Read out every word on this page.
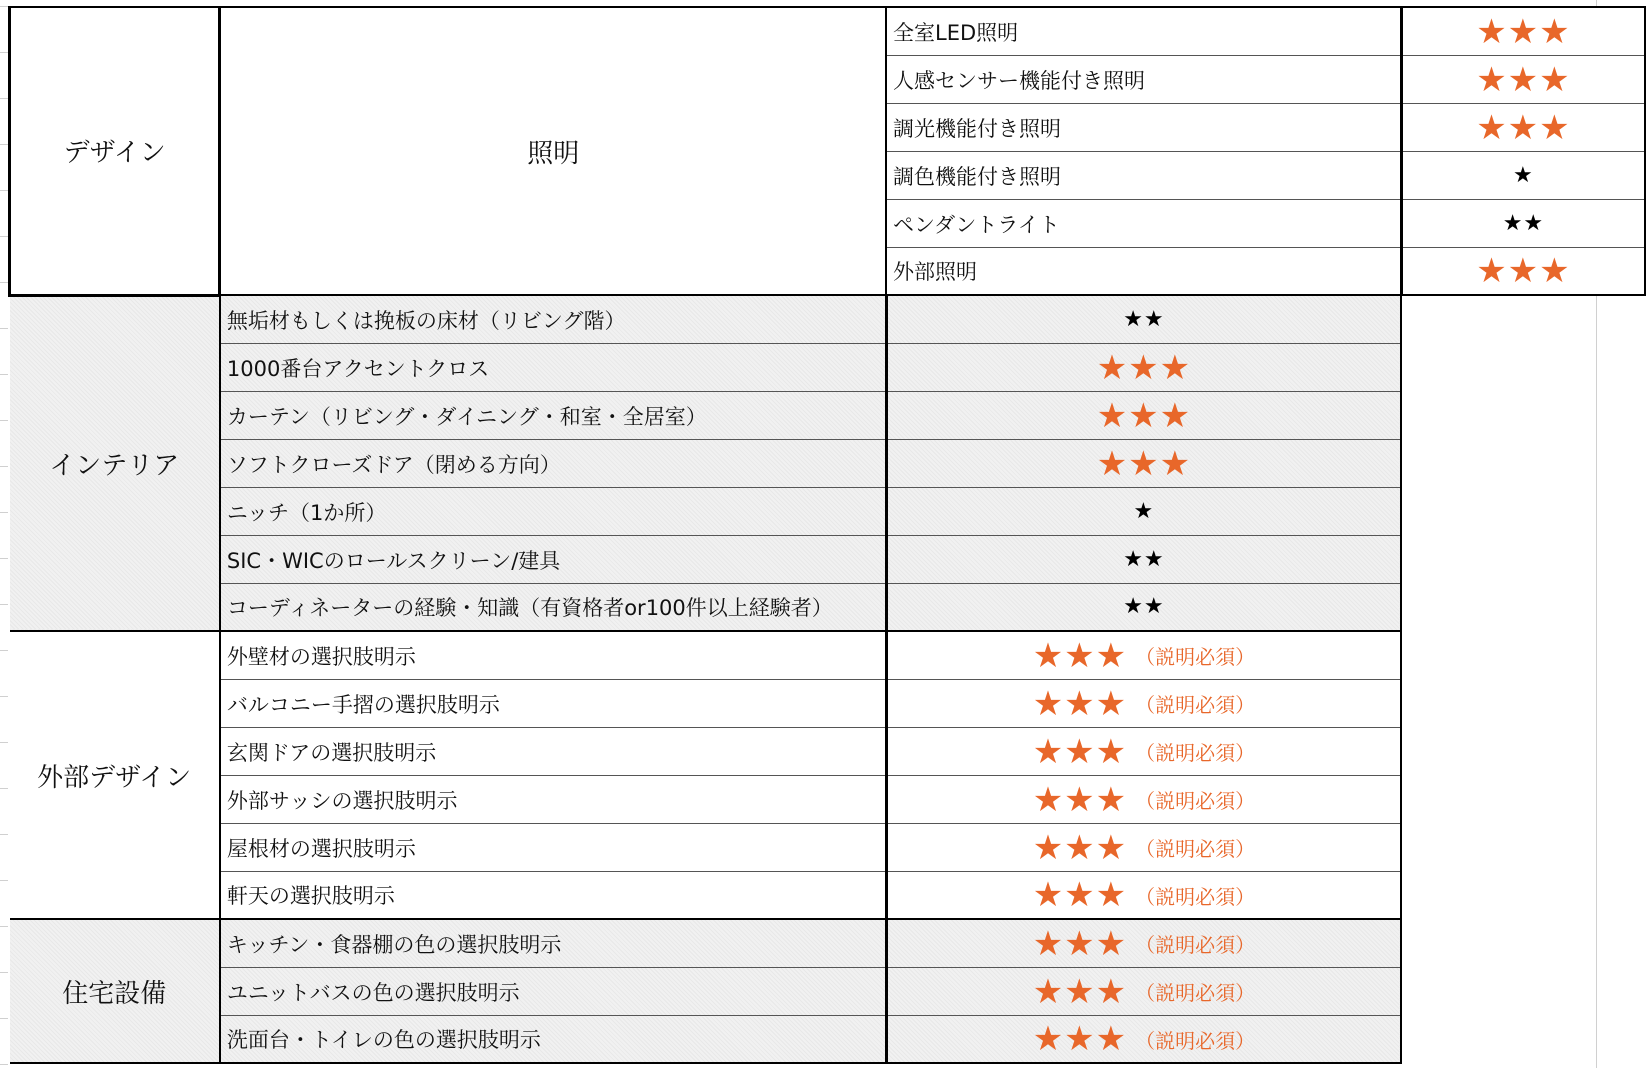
デザイン	照明	全室LED照明	★★★

		人感センサー機能付き照明	★★★

		調光機能付き照明	★★★

		調色機能付き照明	★

		ペンダントライト	★★

		外部照明	★★★

インテリア	無垢材もしくは挽板の床材（リビング階）	★★	

	1000番台アクセントクロス	★★★	

	カーテン（リビング・ダイニング・和室・全居室）	★★★	

	ソフトクローズドア（閉める方向）	★★★	

	ニッチ（1か所）	★	

	SIC・WICのロールスクリーン/建具	★★	

	コーディネーターの経験・知識（有資格者or100件以上経験者）	★★	

外部デザイン	外壁材の選択肢明示	★★★ （説明必須）	

	バルコニー手摺の選択肢明示	★★★ （説明必須）	

	玄関ドアの選択肢明示	★★★ （説明必須）	

	外部サッシの選択肢明示	★★★ （説明必須）	

	屋根材の選択肢明示	★★★ （説明必須）	

	軒天の選択肢明示	★★★ （説明必須）	

住宅設備	キッチン・食器棚の色の選択肢明示	★★★ （説明必須）	

	ユニットバスの色の選択肢明示	★★★ （説明必須）	

	洗面台・トイレの色の選択肢明示	★★★ （説明必須）	
